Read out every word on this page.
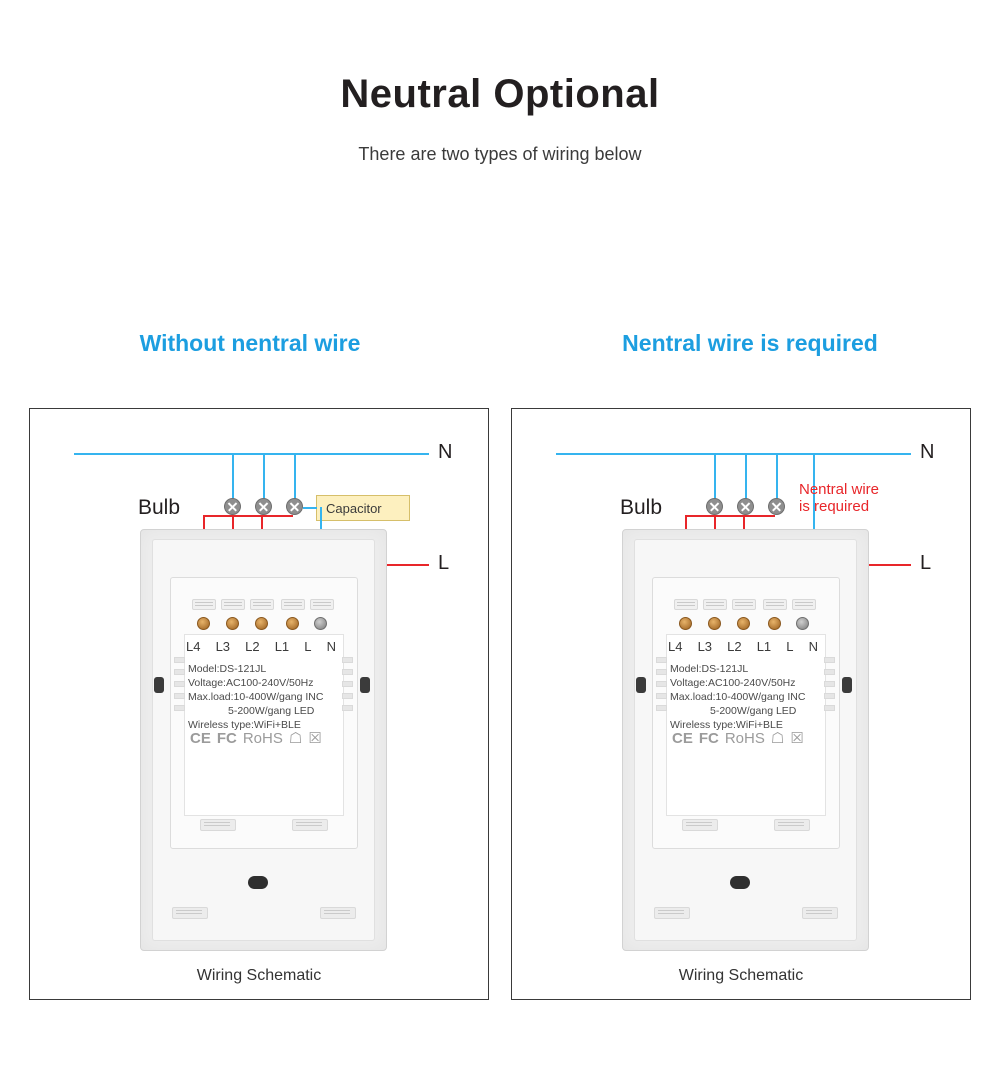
Neutral Optional
There are two types of wiring below
Without nentral wire	Nentral wire is required
N
Bulb	Capacitor
L
L4 L3 L2 L1 L N
Model:DS-121JL
Voltage:AC100-240V/50Hz
Max.load:10-400W/gang INC
5-200W/gang LED
Wireless type:WiFi+BLE
CE FC RoHS ☖ ☒
Wiring Schematic
N
Bulb
Nentral wire
is required
L
L4 L3 L2 L1 L N
Model:DS-121JL
Voltage:AC100-240V/50Hz
Max.load:10-400W/gang INC
5-200W/gang LED
Wireless type:WiFi+BLE
CE FC RoHS ☖ ☒
Wiring Schematic
